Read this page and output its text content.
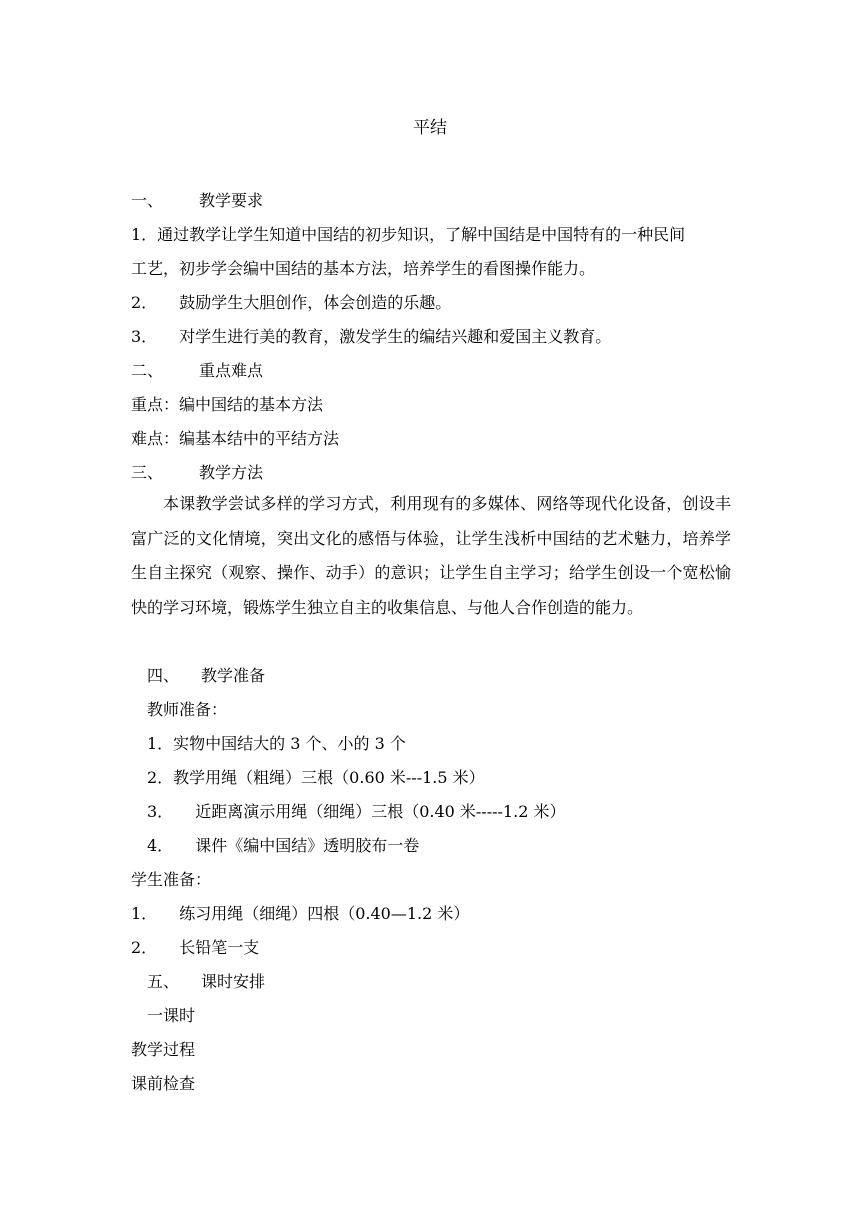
平结
一、 教学要求
1．通过教学让学生知道中国结的初步知识，了解中国结是中国特有的一种民间
工艺，初步学会编中国结的基本方法，培养学生的看图操作能力。
2． 鼓励学生大胆创作，体会创造的乐趣。
3． 对学生进行美的教育，激发学生的编结兴趣和爱国主义教育。
二、 重点难点
重点：编中国结的基本方法
难点：编基本结中的平结方法
三、 教学方法
本课教学尝试多样的学习方式，利用现有的多媒体、网络等现代化设备，创设丰富广泛的文化情境，突出文化的感悟与体验，让学生浅析中国结的艺术魅力，培养学生自主探究（观察、操作、动手）的意识；让学生自主学习；给学生创设一个宽松愉快的学习环境，锻炼学生独立自主的收集信息、与他人合作创造的能力。
四、 教学准备
教师准备：
1．实物中国结大的 3 个、小的 3 个
2．教学用绳（粗绳）三根（0.60 米---1.5 米）
3． 近距离演示用绳（细绳）三根（0.40 米-----1.2 米）
4． 课件《编中国结》透明胶布一卷
学生准备：
1． 练习用绳（细绳）四根（0.40—1.2 米）
2． 长铅笔一支
五、 课时安排
一课时
教学过程
课前检查
